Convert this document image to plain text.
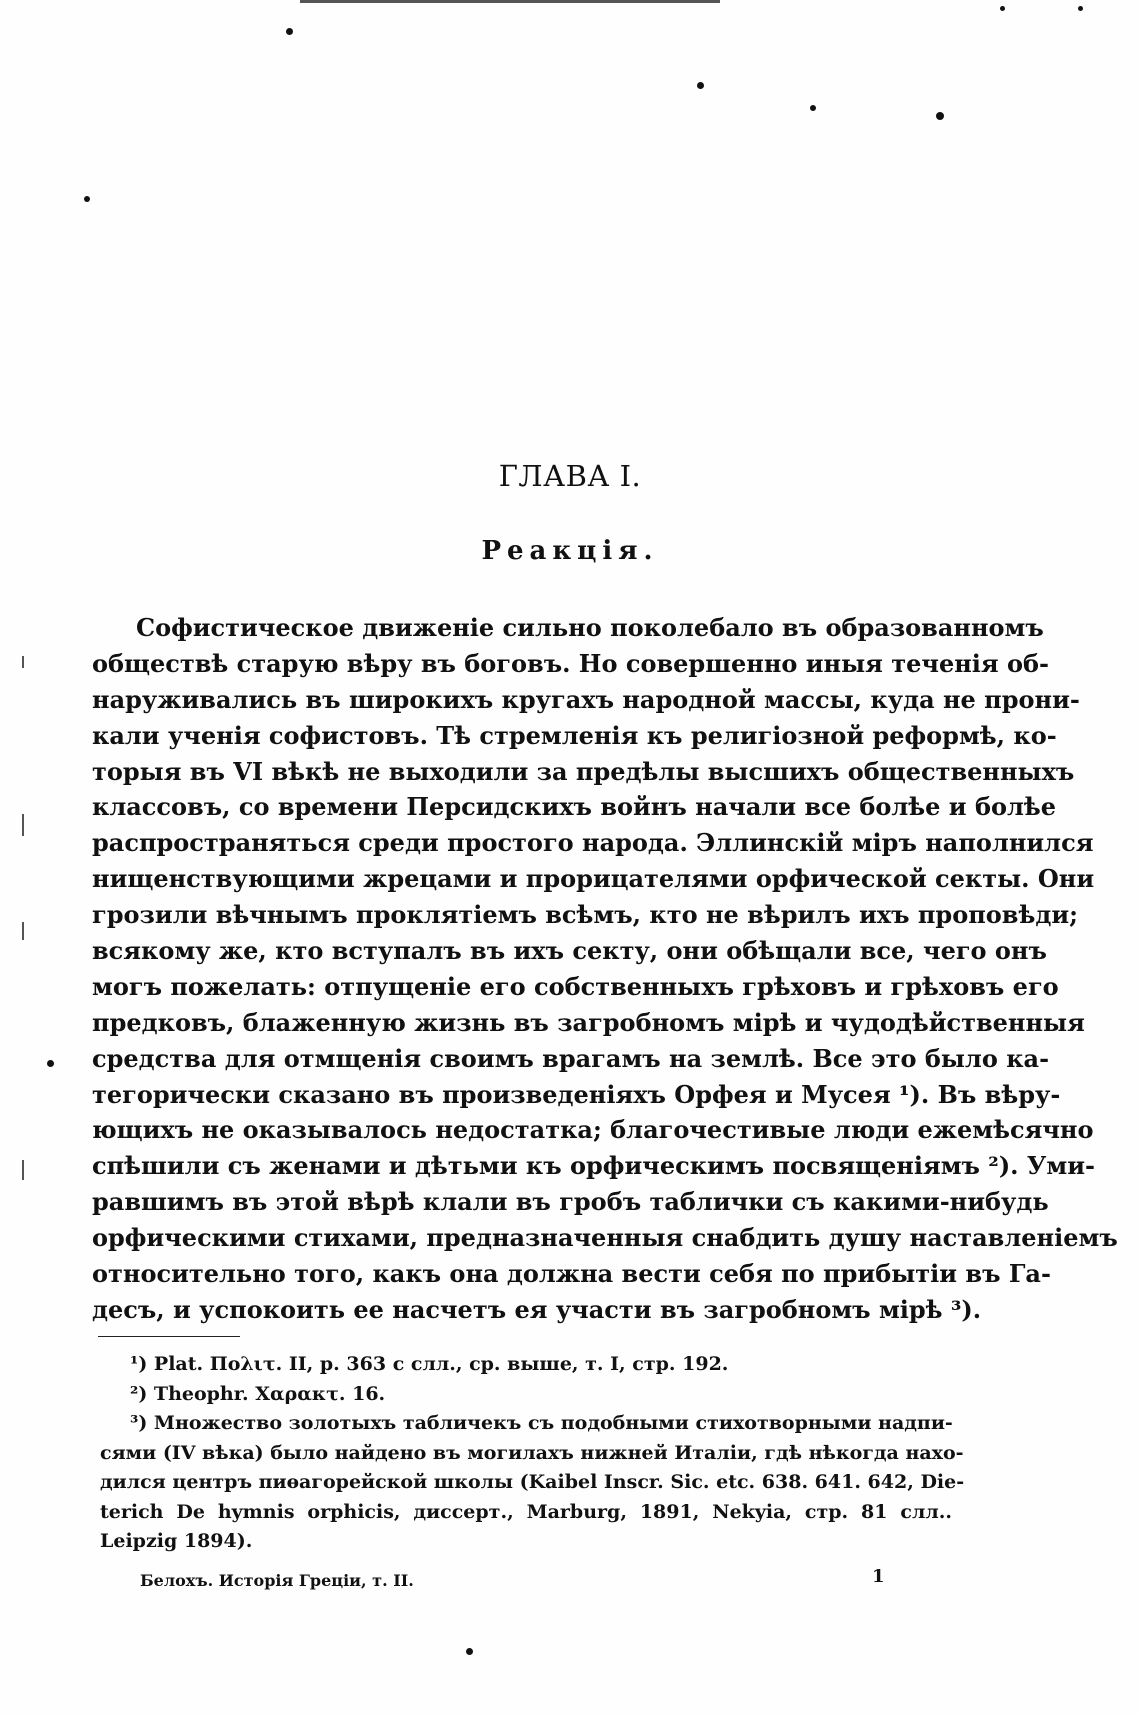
ГЛАВА I.
Реакція.
Софистическое движеніе сильно поколебало въ образованномъ
обществѣ старую вѣру въ боговъ. Но совершенно иныя теченія об-
наруживались въ широкихъ кругахъ народной массы, куда не прони-
кали ученія софистовъ. Тѣ стремленія къ религіозной реформѣ, ко-
торыя въ VI вѣкѣ не выходили за предѣлы высшихъ общественныхъ
классовъ, со времени Персидскихъ войнъ начали все болѣе и болѣе
распространяться среди простого народа. Эллинскій міръ наполнился
нищенствующими жрецами и прорицателями орфической секты. Они
грозили вѣчнымъ проклятіемъ всѣмъ, кто не вѣрилъ ихъ проповѣди;
всякому же, кто вступалъ въ ихъ секту, они обѣщали все, чего онъ
могъ пожелать: отпущеніе его собственныхъ грѣховъ и грѣховъ его
предковъ, блаженную жизнь въ загробномъ мірѣ и чудодѣйственныя
средства для отмщенія своимъ врагамъ на землѣ. Все это было ка-
тегорически сказано въ произведеніяхъ Орфея и Мусея ¹). Въ вѣру-
ющихъ не оказывалось недостатка; благочестивые люди ежемѣсячно
спѣшили съ женами и дѣтьми къ орфическимъ посвященіямъ ²). Уми-
равшимъ въ этой вѣрѣ клали въ гробъ таблички съ какими-нибудь
орфическими стихами, предназначенныя снабдить душу наставленіемъ
относительно того, какъ она должна вести себя по прибытіи въ Га-
десъ, и успокоить ее насчетъ ея участи въ загробномъ мірѣ ³).
¹) Plat. Πολιτ. II, p. 363 с слл., ср. выше, т. I, стр. 192.
²) Theophr. Χαρακτ. 16.
³) Множество золотыхъ табличекъ съ подобными стихотворными надпи-
сями (IV вѣка) было найдено въ могилахъ нижней Италіи, гдѣ нѣкогда нахо-
дился центръ пиѳагорейской школы (Kaibel Inscr. Sic. etc. 638. 641. 642, Die-
terich De hymnis orphicis, диссерт., Marburg, 1891, Nekyia, стр. 81 слл..
Leipzig 1894).
Белохъ. Исторія Греціи, т. II.	1
